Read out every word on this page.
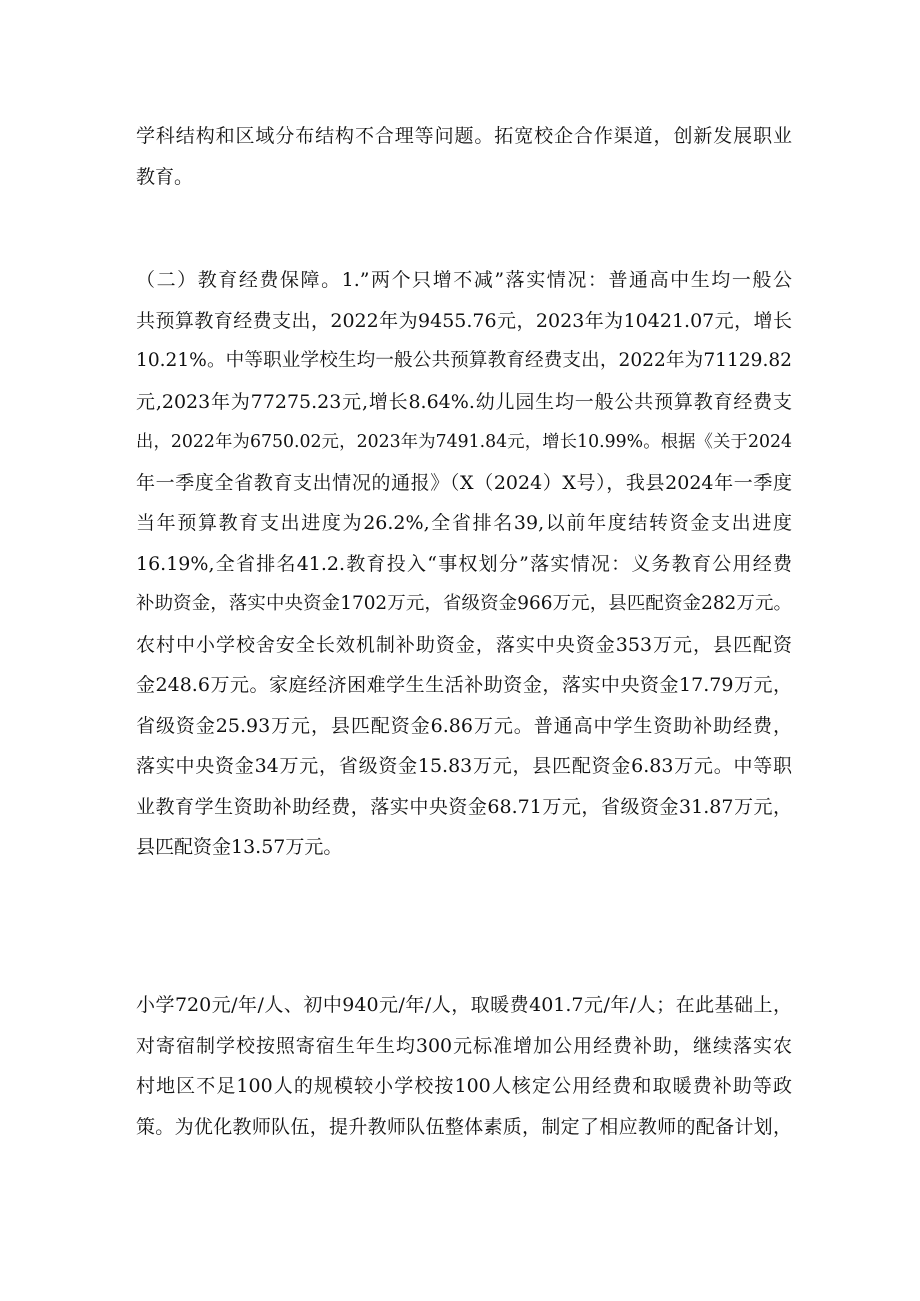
学科结构和区域分布结构不合理等问题。拓宽校企合作渠道，创新发展职业
教育。
（二）教育经费保障。1.”两个只增不减”落实情况：普通高中生均一般公
共预算教育经费支出，2022年为9455.76元，2023年为10421.07元，增长
10.21%。中等职业学校生均一般公共预算教育经费支出，2022年为71129.82
元,2023年为77275.23元,增长8.64%.幼儿园生均一般公共预算教育经费支
出，2022年为6750.02元，2023年为7491.84元，增长10.99%。根据《关于2024
年一季度全省教育支出情况的通报》（X（2024）X号），我县2024年一季度
当年预算教育支出进度为26.2%,全省排名39,以前年度结转资金支出进度
16.19%,全省排名41.2.教育投入“事权划分”落实情况：义务教育公用经费
补助资金，落实中央资金1702万元，省级资金966万元，县匹配资金282万元。
农村中小学校舍安全长效机制补助资金，落实中央资金353万元，县匹配资
金248.6万元。家庭经济困难学生生活补助资金，落实中央资金17.79万元，
省级资金25.93万元，县匹配资金6.86万元。普通高中学生资助补助经费，
落实中央资金34万元，省级资金15.83万元，县匹配资金6.83万元。中等职
业教育学生资助补助经费，落实中央资金68.71万元，省级资金31.87万元，
县匹配资金13.57万元。
小学720元/年/人、初中940元/年/人，取暖费401.7元/年/人；在此基础上，
对寄宿制学校按照寄宿生年生均300元标准增加公用经费补助，继续落实农
村地区不足100人的规模较小学校按100人核定公用经费和取暖费补助等政
策。为优化教师队伍，提升教师队伍整体素质，制定了相应教师的配备计划，
